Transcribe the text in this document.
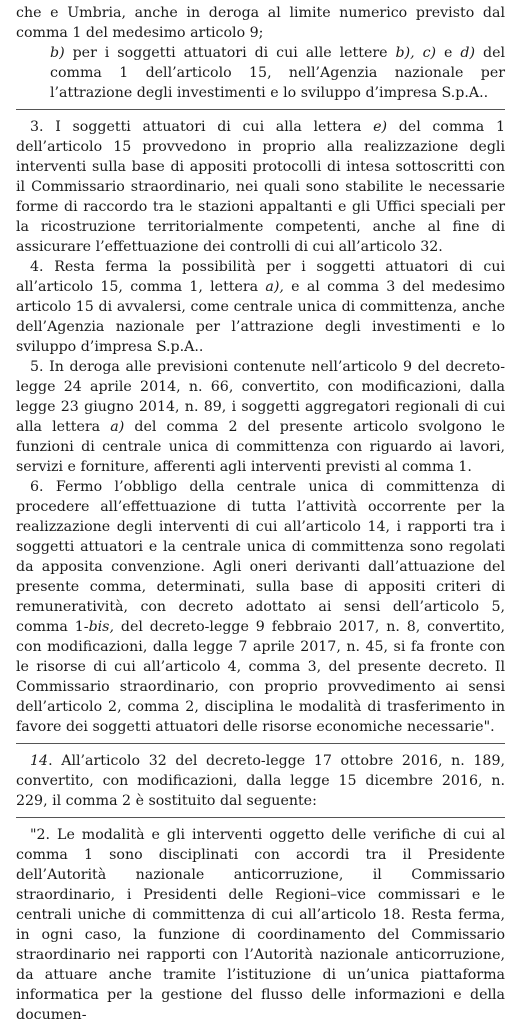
che e Umbria, anche in deroga al limite numerico previsto dal comma 1 del medesimo articolo 9;

b) per i soggetti attuatori di cui alle lettere b), c) e d) del comma 1 dell’articolo 15, nell’Agenzia nazionale per l’attrazione degli investimenti e lo sviluppo d’impresa S.p.A..

3. I soggetti attuatori di cui alla lettera e) del comma 1 dell’articolo 15 provvedono in proprio alla realizzazione degli interventi sulla base di appositi protocolli di intesa sottoscritti con il Commissario straordinario, nei quali sono stabilite le necessarie forme di raccordo tra le stazioni appaltanti e gli Uffici speciali per la ricostruzione territorialmente competenti, anche al fine di assicurare l’effettuazione dei controlli di cui all’articolo 32.

4. Resta ferma la possibilità per i soggetti attuatori di cui all’articolo 15, comma 1, lettera a), e al comma 3 del medesimo articolo 15 di avvalersi, come centrale unica di committenza, anche dell’Agenzia nazionale per l’attrazione degli investimenti e lo sviluppo d’impresa S.p.A..

5. In deroga alle previsioni contenute nell’articolo 9 del decreto-legge 24 aprile 2014, n. 66, convertito, con modificazioni, dalla legge 23 giugno 2014, n. 89, i soggetti aggregatori regionali di cui alla lettera a) del comma 2 del presente articolo svolgono le funzioni di centrale unica di committenza con riguardo ai lavori, servizi e forniture, afferenti agli interventi previsti al comma 1.

6. Fermo l’obbligo della centrale unica di committenza di procedere all’effettuazione di tutta l’attività occorrente per la realizzazione degli interventi di cui all’articolo 14, i rapporti tra i soggetti attuatori e la centrale unica di committenza sono regolati da apposita convenzione. Agli oneri derivanti dall’attuazione del presente comma, determinati, sulla base di appositi criteri di remuneratività, con decreto adottato ai sensi dell’articolo 5, comma 1-bis, del decreto-legge 9 febbraio 2017, n. 8, convertito, con modificazioni, dalla legge 7 aprile 2017, n. 45, si fa fronte con le risorse di cui all’articolo 4, comma 3, del presente decreto. Il Commissario straordinario, con proprio provvedimento ai sensi dell’articolo 2, comma 2, disciplina le modalità di trasferimento in favore dei soggetti attuatori delle risorse economiche necessarie".

14. All’articolo 32 del decreto-legge 17 ottobre 2016, n. 189, convertito, con modificazioni, dalla legge 15 dicembre 2016, n. 229, il comma 2 è sostituito dal seguente:

"2. Le modalità e gli interventi oggetto delle verifiche di cui al comma 1 sono disciplinati con accordi tra il Presidente dell’Autorità nazionale anticorruzione, il Commissario straordinario, i Presidenti delle Regioni–vice commissari e le centrali uniche di committenza di cui all’articolo 18. Resta ferma, in ogni caso, la funzione di coordinamento del Commissario straordinario nei rapporti con l’Autorità nazionale anticorruzione, da attuare anche tramite l’istituzione di un’unica piattaforma informatica per la gestione del flusso delle informazioni e della documen-
